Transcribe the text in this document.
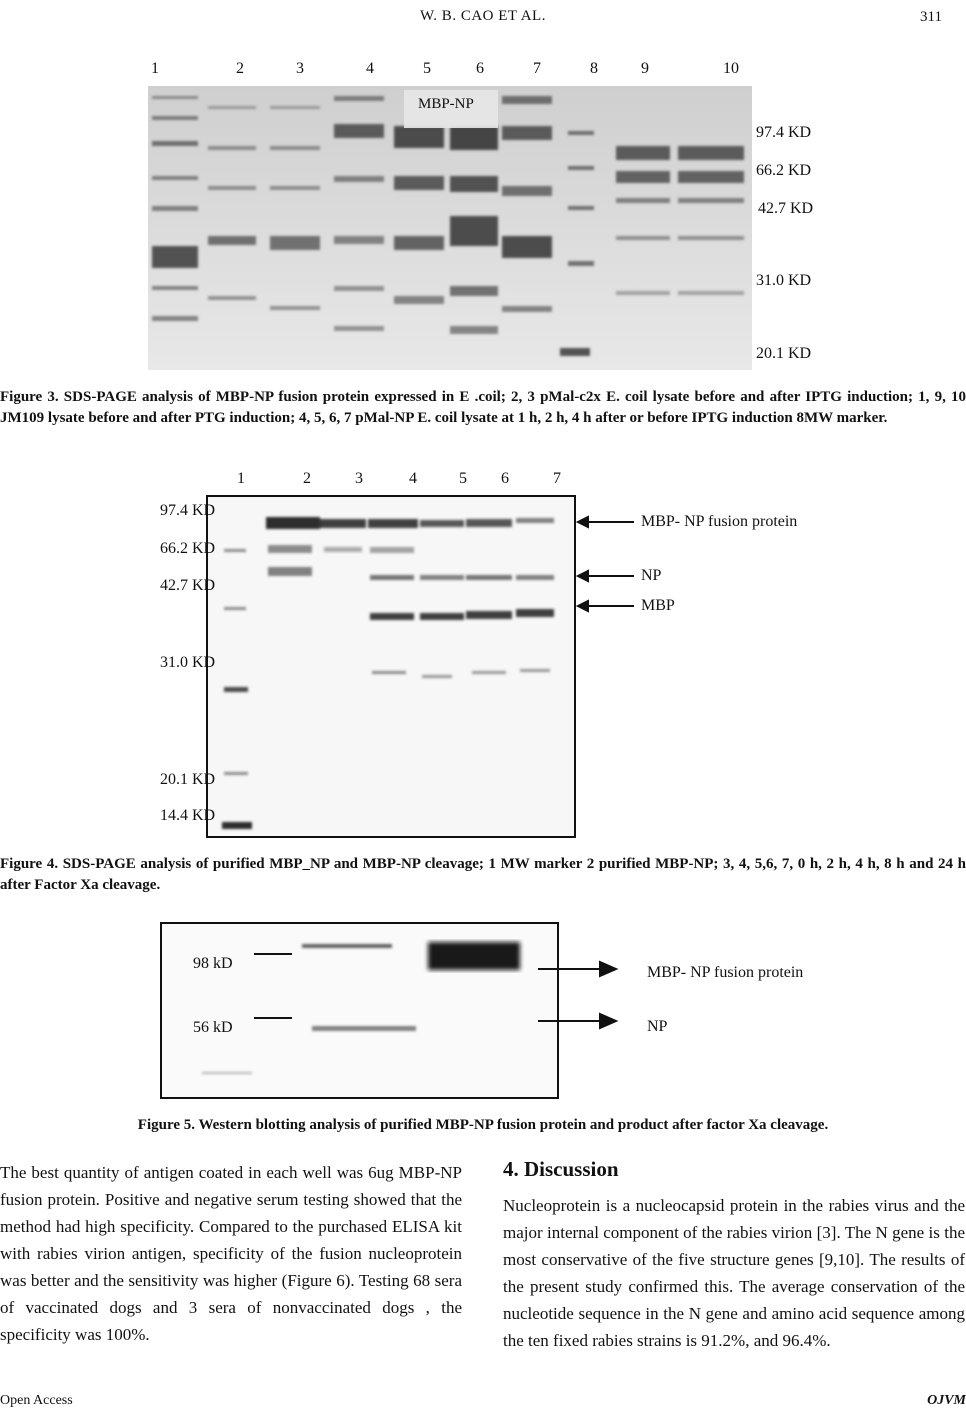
W. B. CAO ET AL.	311
1	2	3	4	5	6	7	8	9	10
MBP-NP
97.4 KD
66.2 KD
42.7 KD
31.0 KD
20.1 KD
Figure 3. SDS-PAGE analysis of MBP-NP fusion protein expressed in E .coil; 2, 3 pMal-c2x E. coil lysate before and after IPTG induction; 1, 9, 10 JM109 lysate before and after PTG induction; 4, 5, 6, 7 pMal-NP E. coil lysate at 1 h, 2 h, 4 h after or before IPTG induction 8MW marker.
1	2	3	4	5 6	7
97.4 KD
66.2 KD
42.7 KD
31.0 KD
20.1 KD
14.4 KD
MBP- NP fusion protein
NP
MBP
Figure 4. SDS-PAGE analysis of purified MBP_NP and MBP-NP cleavage; 1 MW marker 2 purified MBP-NP; 3, 4, 5,6, 7, 0 h, 2 h, 4 h, 8 h and 24 h after Factor Xa cleavage.
98 kD
56 kD
MBP- NP fusion protein
NP
Figure 5. Western blotting analysis of purified MBP-NP fusion protein and product after factor Xa cleavage.
The best quantity of antigen coated in each well was 6ug MBP-NP fusion protein. Positive and negative serum testing showed that the method had high specificity. Compared to the purchased ELISA kit with rabies virion antigen, specificity of the fusion nucleoprotein was better and the sensitivity was higher (Figure 6). Testing 68 sera of vaccinated dogs and 3 sera of nonvaccinated dogs , the specificity was 100%.
4. Discussion
Nucleoprotein is a nucleocapsid protein in the rabies virus and the major internal component of the rabies virion [3]. The N gene is the most conservative of the five structure genes [9,10]. The results of the present study confirmed this. The average conservation of the nucleotide sequence in the N gene and amino acid sequence among the ten fixed rabies strains is 91.2%, and 96.4%.
Open Access	OJVM
